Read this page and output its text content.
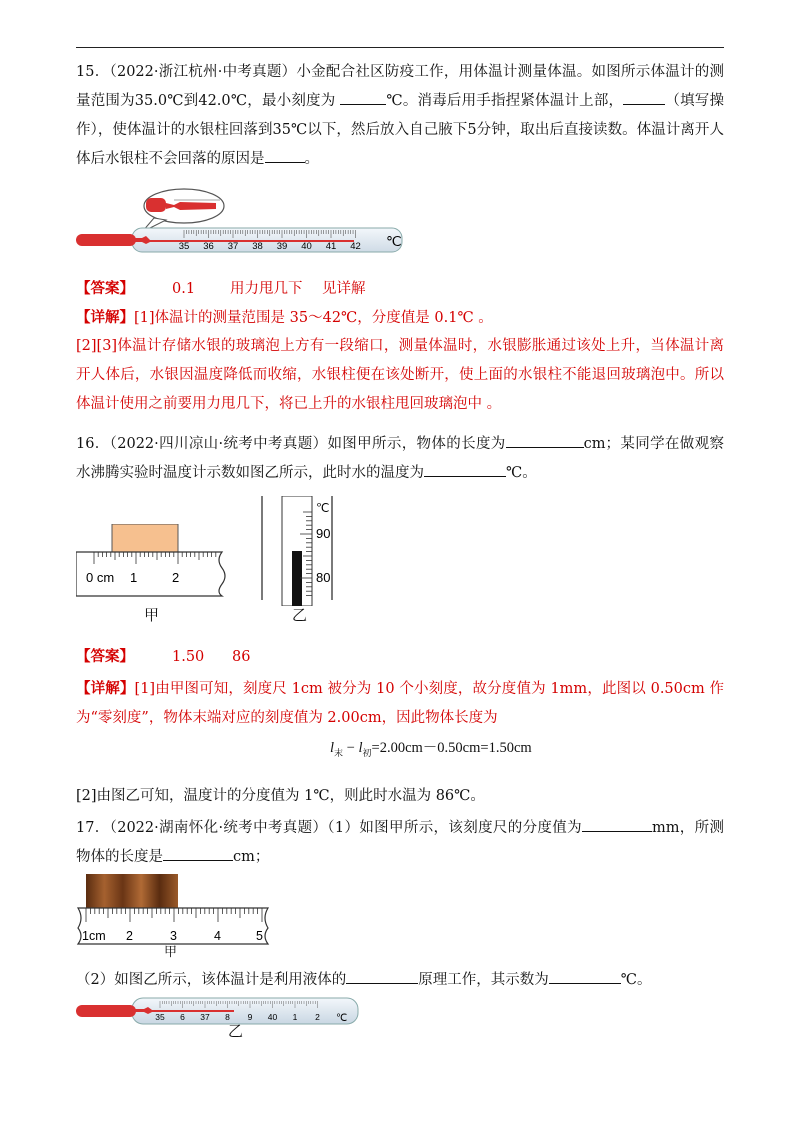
15．（2022·浙江杭州·中考真题）小金配合社区防疫工作，用体温计测量体温。如图所示体温计的测量范围为35.0℃到42.0℃，最小刻度为	℃。消毒后用手指捏紧体温计上部，	（填写操作），使体温计的水银柱回落到35℃以下，然后放入自己腋下5分钟，取出后直接读数。体温计离开人体后水银柱不会回落的原因是	。
35 36 37 38 39 40 41 42 ℃
【答案】	0.1 用力甩几下 见详解
【详解】[1]体温计的测量范围是 35～42℃，分度值是 0.1℃ 。
[2][3]体温计存储水银的玻璃泡上方有一段缩口，测量体温时，水银膨胀通过该处上升，当体温计离开人体后，水银因温度降低而收缩，水银柱便在该处断开，使上面的水银柱不能退回玻璃泡中。所以体温计使用之前要用力甩几下，将已上升的水银柱甩回玻璃泡中 。
16．（2022·四川凉山·统考中考真题）如图甲所示，物体的长度为	cm；某同学在做观察水沸腾实验时温度计示数如图乙所示，此时水的温度为	℃。
0 cm 1	2
甲
℃
90
80
乙
【答案】	1.50 86
【详解】[1]由甲图可知，刻度尺 1cm 被分为 10 个小刻度，故分度值为 1mm，此图以 0.50cm 作为“零刻度”，物体末端对应的刻度值为 2.00cm，因此物体长度为
$l_末 - l_初=2.00cm-0.50cm=1.50cm$
[2]由图乙可知，温度计的分度值为 1℃，则此时水温为 86℃。
17．（2022·湖南怀化·统考中考真题）（1）如图甲所示，该刻度尺的分度值为	mm，所测物体的长度是	cm；
1cm 2	3	4	5
甲
（2）如图乙所示，该体温计是利用液体的	原理工作，其示数为	℃。
35 6 37 8 9 40 1 2 ℃
乙
